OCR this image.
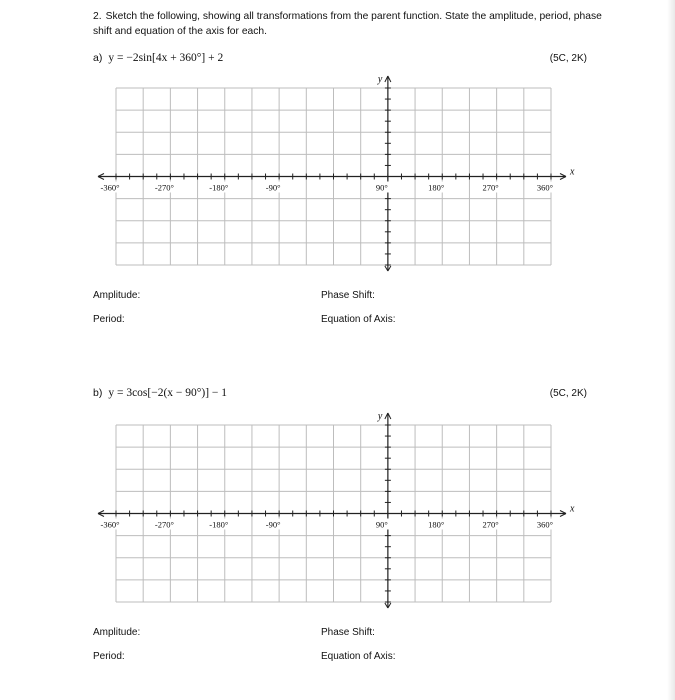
2. Sketch the following, showing all transformations from the parent function. State the amplitude, period, phase shift and equation of the axis for each.
a) y = −2sin[4x + 360°] + 2	(5C, 2K)
-360°	-270°	-180°	-90°	90°	180°	270°	360°
y
x
Amplitude:
Period:
Phase Shift:
Equation of Axis:
b) y = 3cos[−2(x − 90°)] − 1	(5C, 2K)
-360°	-270°	-180°	-90°	90°	180°	270°	360°
y
x
Amplitude:
Period:
Phase Shift:
Equation of Axis:
